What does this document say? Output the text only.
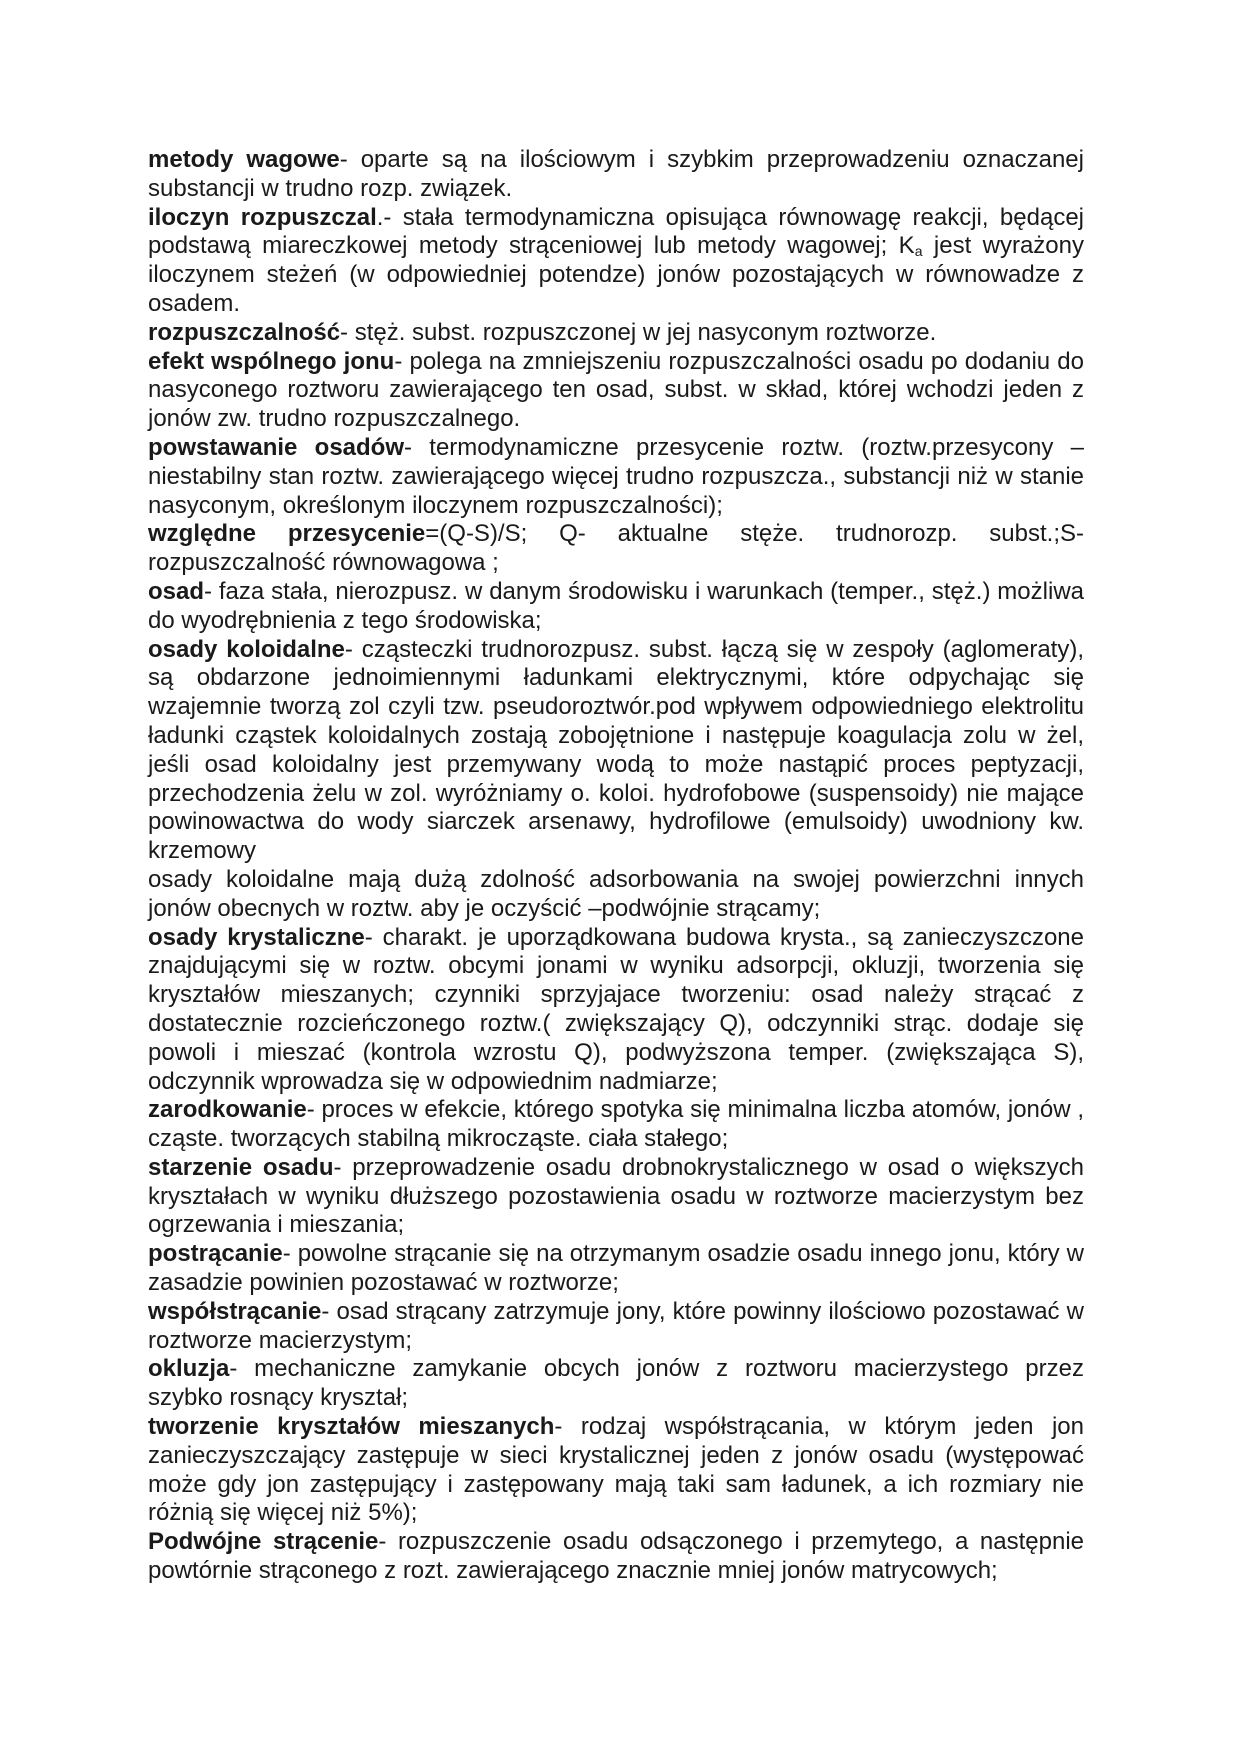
metody wagowe- oparte są na ilościowym i szybkim przeprowadzeniu oznaczanej substancji w trudno rozp. związek.

iloczyn rozpuszczal.- stała termodynamiczna opisująca równowagę reakcji, będącej podstawą miareczkowej metody strąceniowej lub metody wagowej; $K_a$ jest wyrażony iloczynem steżeń (w odpowiedniej potendze) jonów pozostających w równowadze z osadem.

rozpuszczalność- stęż. subst. rozpuszczonej w jej nasyconym roztworze.

efekt wspólnego jonu- polega na zmniejszeniu rozpuszczalności osadu po dodaniu do nasyconego roztworu zawierającego ten osad, subst. w skład, której wchodzi jeden z jonów zw. trudno rozpuszczalnego.

powstawanie osadów- termodynamiczne przesycenie roztw. (roztw.przesycony – niestabilny stan roztw. zawierającego więcej trudno rozpuszcza., substancji niż w stanie nasyconym, określonym iloczynem rozpuszczalności);

względne przesycenie=(Q-S)/S; Q- aktualne stęże. trudnorozp. subst.;S-rozpuszczalność równowagowa ;

osad- faza stała, nierozpusz. w danym środowisku i warunkach (temper., stęż.) możliwa do wyodrębnienia z tego środowiska;

osady koloidalne- cząsteczki trudnorozpusz. subst. łączą się w zespoły (aglomeraty), są obdarzone jednoimiennymi ładunkami elektrycznymi, które odpychając się wzajemnie tworzą zol czyli tzw. pseudoroztwór.pod wpływem odpowiedniego elektrolitu ładunki cząstek koloidalnych zostają zobojętnione i następuje koagulacja zolu w żel, jeśli osad koloidalny jest przemywany wodą to może nastąpić proces peptyzacji, przechodzenia żelu w zol. wyróżniamy o. koloi. hydrofobowe (suspensoidy) nie mające powinowactwa do wody siarczek arsenawy, hydrofilowe (emulsoidy) uwodniony kw. krzemowy

osady koloidalne mają dużą zdolność adsorbowania na swojej powierzchni innych jonów obecnych w roztw. aby je oczyścić –podwójnie strącamy;

osady krystaliczne- charakt. je uporządkowana budowa krysta., są zanieczyszczone znajdującymi się w roztw. obcymi jonami w wyniku adsorpcji, okluzji, tworzenia się kryształów mieszanych; czynniki sprzyjajace tworzeniu: osad należy strącać z dostatecznie rozcieńczonego roztw.( zwiększający Q), odczynniki strąc. dodaje się powoli i mieszać (kontrola wzrostu Q), podwyższona temper. (zwiększająca S), odczynnik wprowadza się w odpowiednim nadmiarze;

zarodkowanie- proces w efekcie, którego spotyka się minimalna liczba atomów, jonów , cząste. tworzących stabilną mikrocząste. ciała stałego;

starzenie osadu- przeprowadzenie osadu drobnokrystalicznego w osad o większych kryształach w wyniku dłuższego pozostawienia osadu w roztworze macierzystym bez ogrzewania i mieszania;

postrącanie- powolne strącanie się na otrzymanym osadzie osadu innego jonu, który w zasadzie powinien pozostawać w roztworze;

współstrącanie- osad strącany zatrzymuje jony, które powinny ilościowo pozostawać w roztworze macierzystym;

okluzja- mechaniczne zamykanie obcych jonów z roztworu macierzystego przez szybko rosnący kryształ;

tworzenie kryształów mieszanych- rodzaj współstrącania, w którym jeden jon zanieczyszczający zastępuje w sieci krystalicznej jeden z jonów osadu (występować może gdy jon zastępujący i zastępowany mają taki sam ładunek, a ich rozmiary nie różnią się więcej niż 5%);

Podwójne strącenie- rozpuszczenie osadu odsączonego i przemytego, a następnie powtórnie strąconego z rozt. zawierającego znacznie mniej jonów matrycowych;
